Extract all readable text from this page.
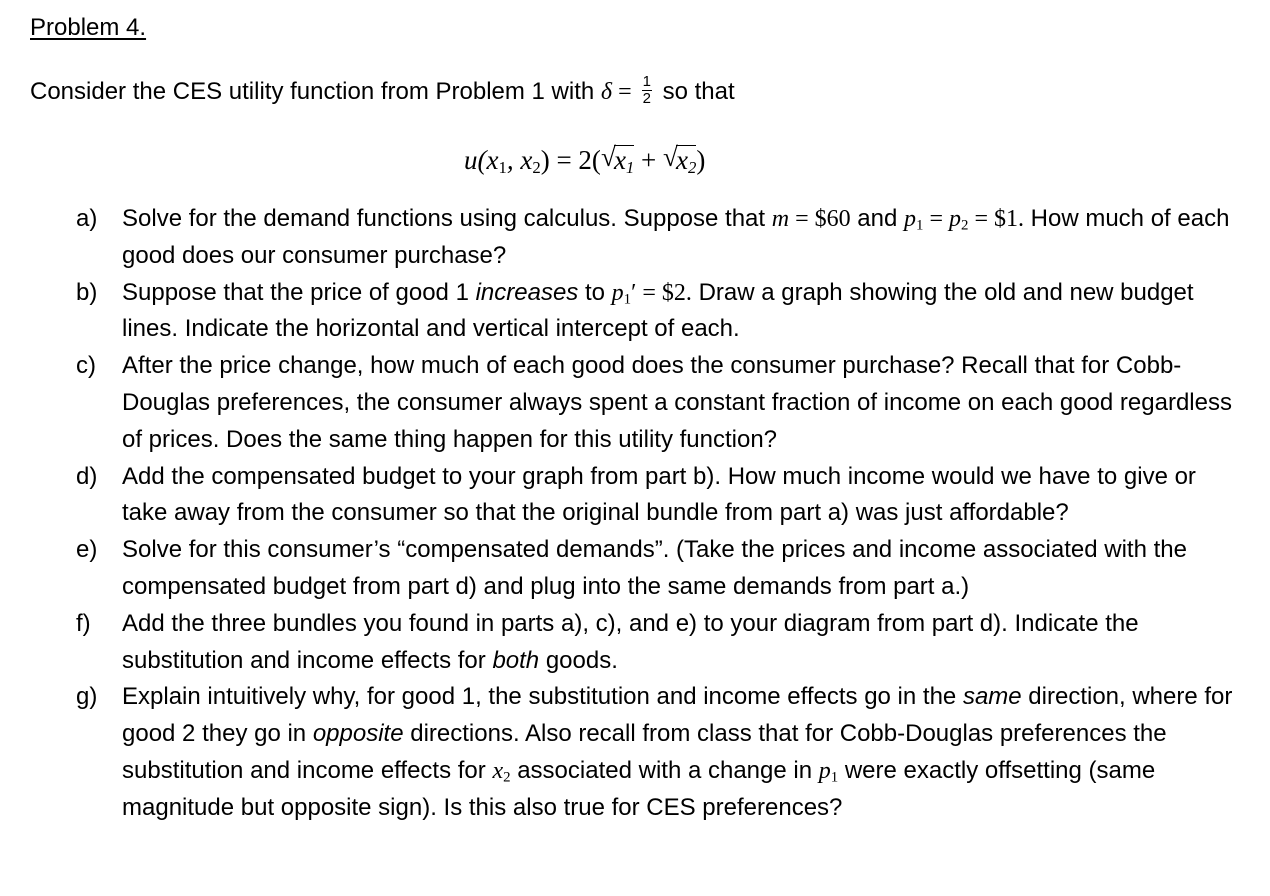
Problem 4.
Consider the CES utility function from Problem 1 with $\delta = \frac{1}{2}$ so that
$u(x_1$, $x_2) = 2$( √
$x_1$ + √
$x_2$)
a) Solve for the demand functions using calculus. Suppose that m = $60 and $p_1 = p_2$ = $1. How much of each good does our consumer purchase?
b) Suppose that the price of good 1 increases to $p_1'$ = $2. Draw a graph showing the old and new budget lines. Indicate the horizontal and vertical intercept of each.
c) After the price change, how much of each good does the consumer purchase? Recall that for Cobb-Douglas preferences, the consumer always spent a constant fraction of income on each good regardless of prices. Does the same thing happen for this utility function?
d) Add the compensated budget to your graph from part b). How much income would we have to give or take away from the consumer so that the original bundle from part a) was just affordable?
e) Solve for this consumer’s “compensated demands”. (Take the prices and income associated with the compensated budget from part d) and plug into the same demands from part a.)
f) Add the three bundles you found in parts a), c), and e) to your diagram from part d). Indicate the substitution and income effects for both goods.
g) Explain intuitively why, for good 1, the substitution and income effects go in the same direction, where for good 2 they go in opposite directions. Also recall from class that for Cobb-Douglas preferences the substitution and income effects for $x_2$ associated with a change in $p_1$ were exactly offsetting (same magnitude but opposite sign). Is this also true for CES preferences?
